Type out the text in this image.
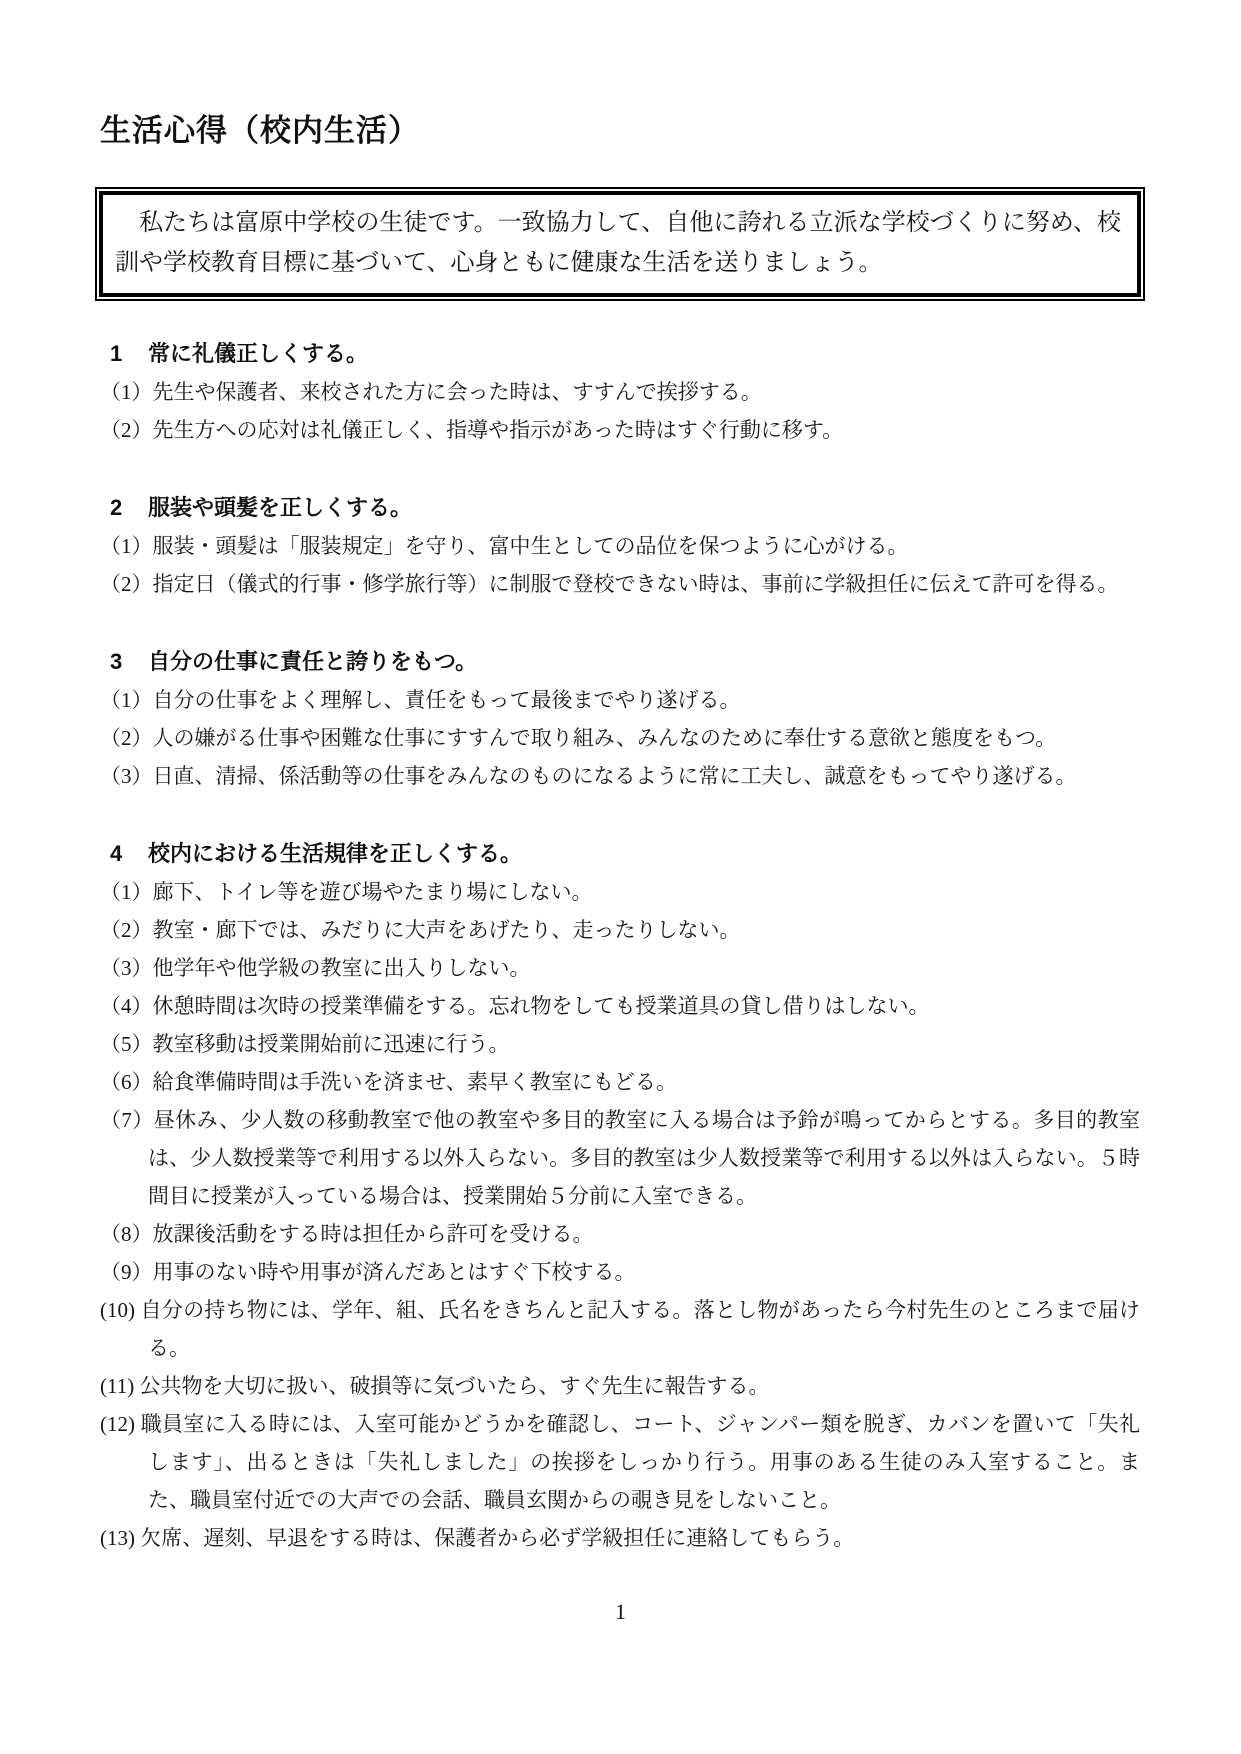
生活心得（校内生活）

　私たちは富原中学校の生徒です。一致協力して、自他に誇れる立派な学校づくりに努め、校訓や学校教育目標に基づいて、心身ともに健康な生活を送りましょう。

1 常に礼儀正しくする。

（1）先生や保護者、来校された方に会った時は、すすんで挨拶する。

（2）先生方への応対は礼儀正しく、指導や指示があった時はすぐ行動に移す。

2 服装や頭髪を正しくする。

（1）服装・頭髪は「服装規定」を守り、富中生としての品位を保つように心がける。

（2）指定日（儀式的行事・修学旅行等）に制服で登校できない時は、事前に学級担任に伝えて許可を得る。

3 自分の仕事に責任と誇りをもつ。

（1）自分の仕事をよく理解し、責任をもって最後までやり遂げる。

（2）人の嫌がる仕事や困難な仕事にすすんで取り組み、みんなのために奉仕する意欲と態度をもつ。

（3）日直、清掃、係活動等の仕事をみんなのものになるように常に工夫し、誠意をもってやり遂げる。

4 校内における生活規律を正しくする。

（1）廊下、トイレ等を遊び場やたまり場にしない。

（2）教室・廊下では、みだりに大声をあげたり、走ったりしない。

（3）他学年や他学級の教室に出入りしない。

（4）休憩時間は次時の授業準備をする。忘れ物をしても授業道具の貸し借りはしない。

（5）教室移動は授業開始前に迅速に行う。

（6）給食準備時間は手洗いを済ませ、素早く教室にもどる。

（7）昼休み、少人数の移動教室で他の教室や多目的教室に入る場合は予鈴が鳴ってからとする。多目的教室は、少人数授業等で利用する以外入らない。多目的教室は少人数授業等で利用する以外は入らない。５時間目に授業が入っている場合は、授業開始５分前に入室できる。

（8）放課後活動をする時は担任から許可を受ける。

（9）用事のない時や用事が済んだあとはすぐ下校する。

(10) 自分の持ち物には、学年、組、氏名をきちんと記入する。落とし物があったら今村先生のところまで届ける。

(11) 公共物を大切に扱い、破損等に気づいたら、すぐ先生に報告する。

(12) 職員室に入る時には、入室可能かどうかを確認し、コート、ジャンパー類を脱ぎ、カバンを置いて「失礼します」、出るときは「失礼しました」の挨拶をしっかり行う。用事のある生徒のみ入室すること。また、職員室付近での大声での会話、職員玄関からの覗き見をしないこと。

(13) 欠席、遅刻、早退をする時は、保護者から必ず学級担任に連絡してもらう。

1
